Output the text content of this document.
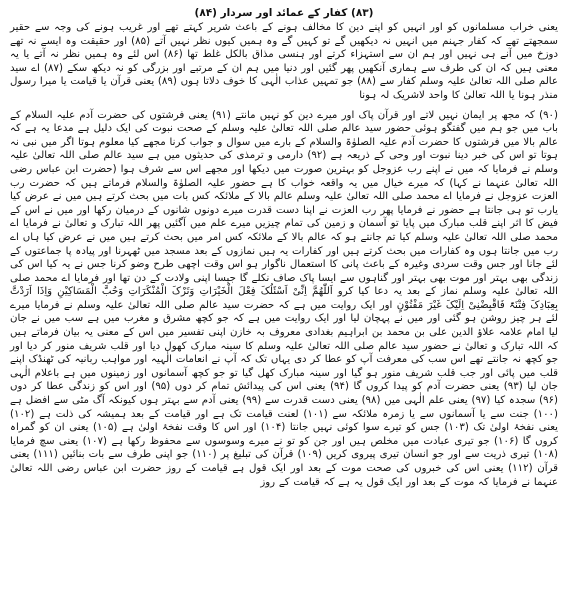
(۸۳) کفار کے عمائد اور سردار (۸۴)

یعنی خراب مسلمانوں کو اور انہیں کو اپنے دین کا مخالف ہونے کے باعث شریر کہتے تھے اور غریب ہونے کی وجہ سے حقیر سمجھتے تھے کہ کفار جہنم میں انہیں نہ دیکھیں گے تو کہیں گے وہ ہمیں کیوں نظر نہیں آتے (۸۵) اور حقیقت وہ ایسے نہ تھے دوزخ میں آنے ہی نہیں اور ہم ان سے استہزاء کرتے اور ہنسی مذاق بالکل غلط تھا (۸۶) اس لئے وہ ہمیں نظر نہ آتے یا یہ معنی ہیں کہ ان کی طرف سے ہماری آنکھیں پھر گئیں اور دنیا میں ہم ان کے مرتبے اور بزرگی کو نہ دیکھ سکے (۸۷) اے سید عالم صلی اللہ تعالیٰ علیہ وسلم کفار سے (۸۸) جو تمہیں عذاب الٰہی کا خوف دلاتا ہوں (۸۹) یعنی قرآن یا قیامت یا میرا رسول منذر ہونا یا اللہ تعالیٰ کا واحد لاشریک لہ ہونا

(۹۰) کہ مجھ پر ایمان نہیں لاتے اور قرآن پاک اور میرے دین کو نہیں مانتے (۹۱) یعنی فرشتوں کی حضرت آدم علیہ السلام کے باب میں جو ہم میں گفتگو ہوئی حضور سید عالم صلی اللہ تعالیٰ علیہ وسلم کے صحت نبوت کی ایک دلیل ہے مدعا یہ ہے کہ عالم بالا میں فرشتوں کا حضرت آدم علیہ الصلوٰۃ والسلام کے بارے میں سوال و جواب کرنا مجھے کیا معلوم ہوتا اگر میں نبی نہ ہوتا تو اس کی خبر دینا نبوت اور وحی کے ذریعہ ہے (۹۲) دارمی و ترمذی کی حدیثوں میں ہے سید عالم صلی اللہ تعالیٰ علیہ وسلم نے فرمایا کہ میں نے اپنے رب عزوجل کو بہترین صورت میں دیکھا اور مجھے اس سے شرف ہوا (حضرت ابن عباس رضی اللہ تعالیٰ عنہما نے کہا) کہ میرے خیال میں یہ واقعہ خواب کا ہے حضور علیہ الصلوٰۃ والسلام فرماتے ہیں کہ حضرت رب العزت عزوجل نے فرمایا اے محمد صلی اللہ تعالیٰ علیہ وسلم عالم بالا کے ملائکہ کس بات میں بحث کرتے ہیں میں نے عرض کیا یارب تو ہی جانتا ہے حضور نے فرمایا پھر رب العزت نے اپنا دست قدرت میرے دونوں شانوں کے درمیان رکھا اور میں نے اس کے فیض کا اثر اپنے قلب مبارک میں پایا تو آسمان و زمین کی تمام چیزیں میرے علم میں آگئیں پھر اللہ تبارک و تعالیٰ نے فرمایا اے محمد صلی اللہ تعالیٰ علیہ وسلم کیا تم جانتے ہو کہ عالم بالا کے ملائکہ کس امر میں بحث کرتے ہیں میں نے عرض کیا ہاں اے رب میں جانتا ہوں وہ کفارات میں بحث کرتے ہیں اور کفارات یہ ہیں نمازوں کے بعد مسجد میں ٹھہرنا اور پیادہ پا جماعتوں کے لئے جانا اور جس وقت سردی وغیرہ کے باعث پانی کا استعمال ناگوار ہو اس وقت اچھی طرح وضو کرنا جس نے یہ کیا اس کی زندگی بھی بہتر اور موت بھی بہتر اور گناہوں سے ایسا پاک صاف نکلے گا جیسا اپنی ولادت کے دن تھا اور فرمایا اے محمد صلی اللہ تعالیٰ علیہ وسلم نماز کے بعد یہ دعا کیا کرو اَللّٰھُمَّ اِنِّیْ اَسْئَلُکَ فِعْلَ الْخَیْرَاتِ وَتَرْکَ الْمُنْکَرَاتِ وَحُبَّ الْمَسَاکِیْنِ وَاِذَا اَرَدْتَّ بِعِبَادِکَ فِتْنَۃً فَاقْبِضْنِیْ اِلَیْکَ غَیْرَ مَفْتُوْنٍ اور ایک روایت میں ہے کہ حضرت سید عالم صلی اللہ تعالیٰ علیہ وسلم نے فرمایا میرے لئے ہر چیز روشن ہو گئی اور میں نے پہچان لیا اور ایک روایت میں ہے کہ جو کچھ مشرق و مغرب میں ہے سب میں نے جان لیا امام علامہ علاؤ الدین علی بن محمد بن ابراہیم بغدادی معروف بہ خازن اپنی تفسیر میں اس کے معنی یہ بیان فرماتے ہیں کہ اللہ تبارک و تعالیٰ نے حضور سید عالم صلی اللہ تعالیٰ علیہ وسلم کا سینہ مبارک کھول دیا اور قلب شریف منور کر دیا اور جو کچھ نہ جانتے تھے اس سب کی معرفت آپ کو عطا کر دی یہاں تک کہ آپ نے انعامات الٰہیہ اور مواہب ربانیہ کی ٹھنڈک اپنے قلب میں پائی اور جب قلب شریف منور ہو گیا اور سینہ مبارک کھل گیا تو جو کچھ آسمانوں اور زمینوں میں ہے باعلام الٰہی جان لیا (۹۳) یعنی حضرت آدم کو پیدا کروں گا (۹۴) یعنی اس کی پیدائش تمام کر دوں (۹۵) اور اس کو زندگی عطا کر دوں (۹۶) سجدہ کیا (۹۷) یعنی علم الٰہی میں (۹۸) یعنی دست قدرت سے (۹۹) یعنی آدم سے بہتر ہوں کیونکہ آگ مٹی سے افضل ہے (۱۰۰) جنت سے یا آسمانوں سے یا زمرہ ملائکہ سے (۱۰۱) لعنت قیامت تک ہے اور قیامت کے بعد ہمیشہ کی ذلت ہے (۱۰۲) یعنی نفخۂ اولیٰ تک (۱۰۳) جس کو تیرے سوا کوئی نہیں جانتا (۱۰۴) اور اس کا وقت نفخۂ اولیٰ ہے (۱۰۵) یعنی ان کو گمراہ کروں گا (۱۰۶) جو تیری عبادت میں مخلص ہیں اور جن کو تو نے میرے وسوسوں سے محفوظ رکھا ہے (۱۰۷) یعنی سچ فرمایا (۱۰۸) تیری ذریت سے اور جو انسان تیری پیروی کریں (۱۰۹) قرآن کی تبلیغ پر (۱۱۰) جو اپنی طرف سے بات بنائیں (۱۱۱) یعنی قرآن (۱۱۲) یعنی اس کی خبروں کی صحت موت کے بعد اور ایک قول ہے قیامت کے روز حضرت ابن عباس رضی اللہ تعالیٰ عنہما نے فرمایا کہ موت کے بعد اور ایک قول یہ ہے کہ قیامت کے روز
